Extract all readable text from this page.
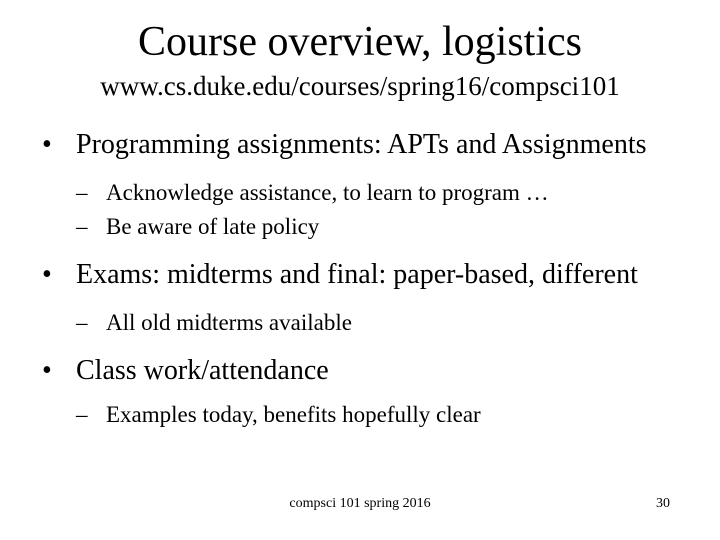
Course overview, logistics
www.cs.duke.edu/courses/spring16/compsci101
• Programming assignments: APTs and Assignments
– Acknowledge assistance, to learn to program …
– Be aware of late policy
• Exams: midterms and final: paper-based, different
– All old midterms available
• Class work/attendance
– Examples today, benefits hopefully clear
compsci 101 spring 2016	30
